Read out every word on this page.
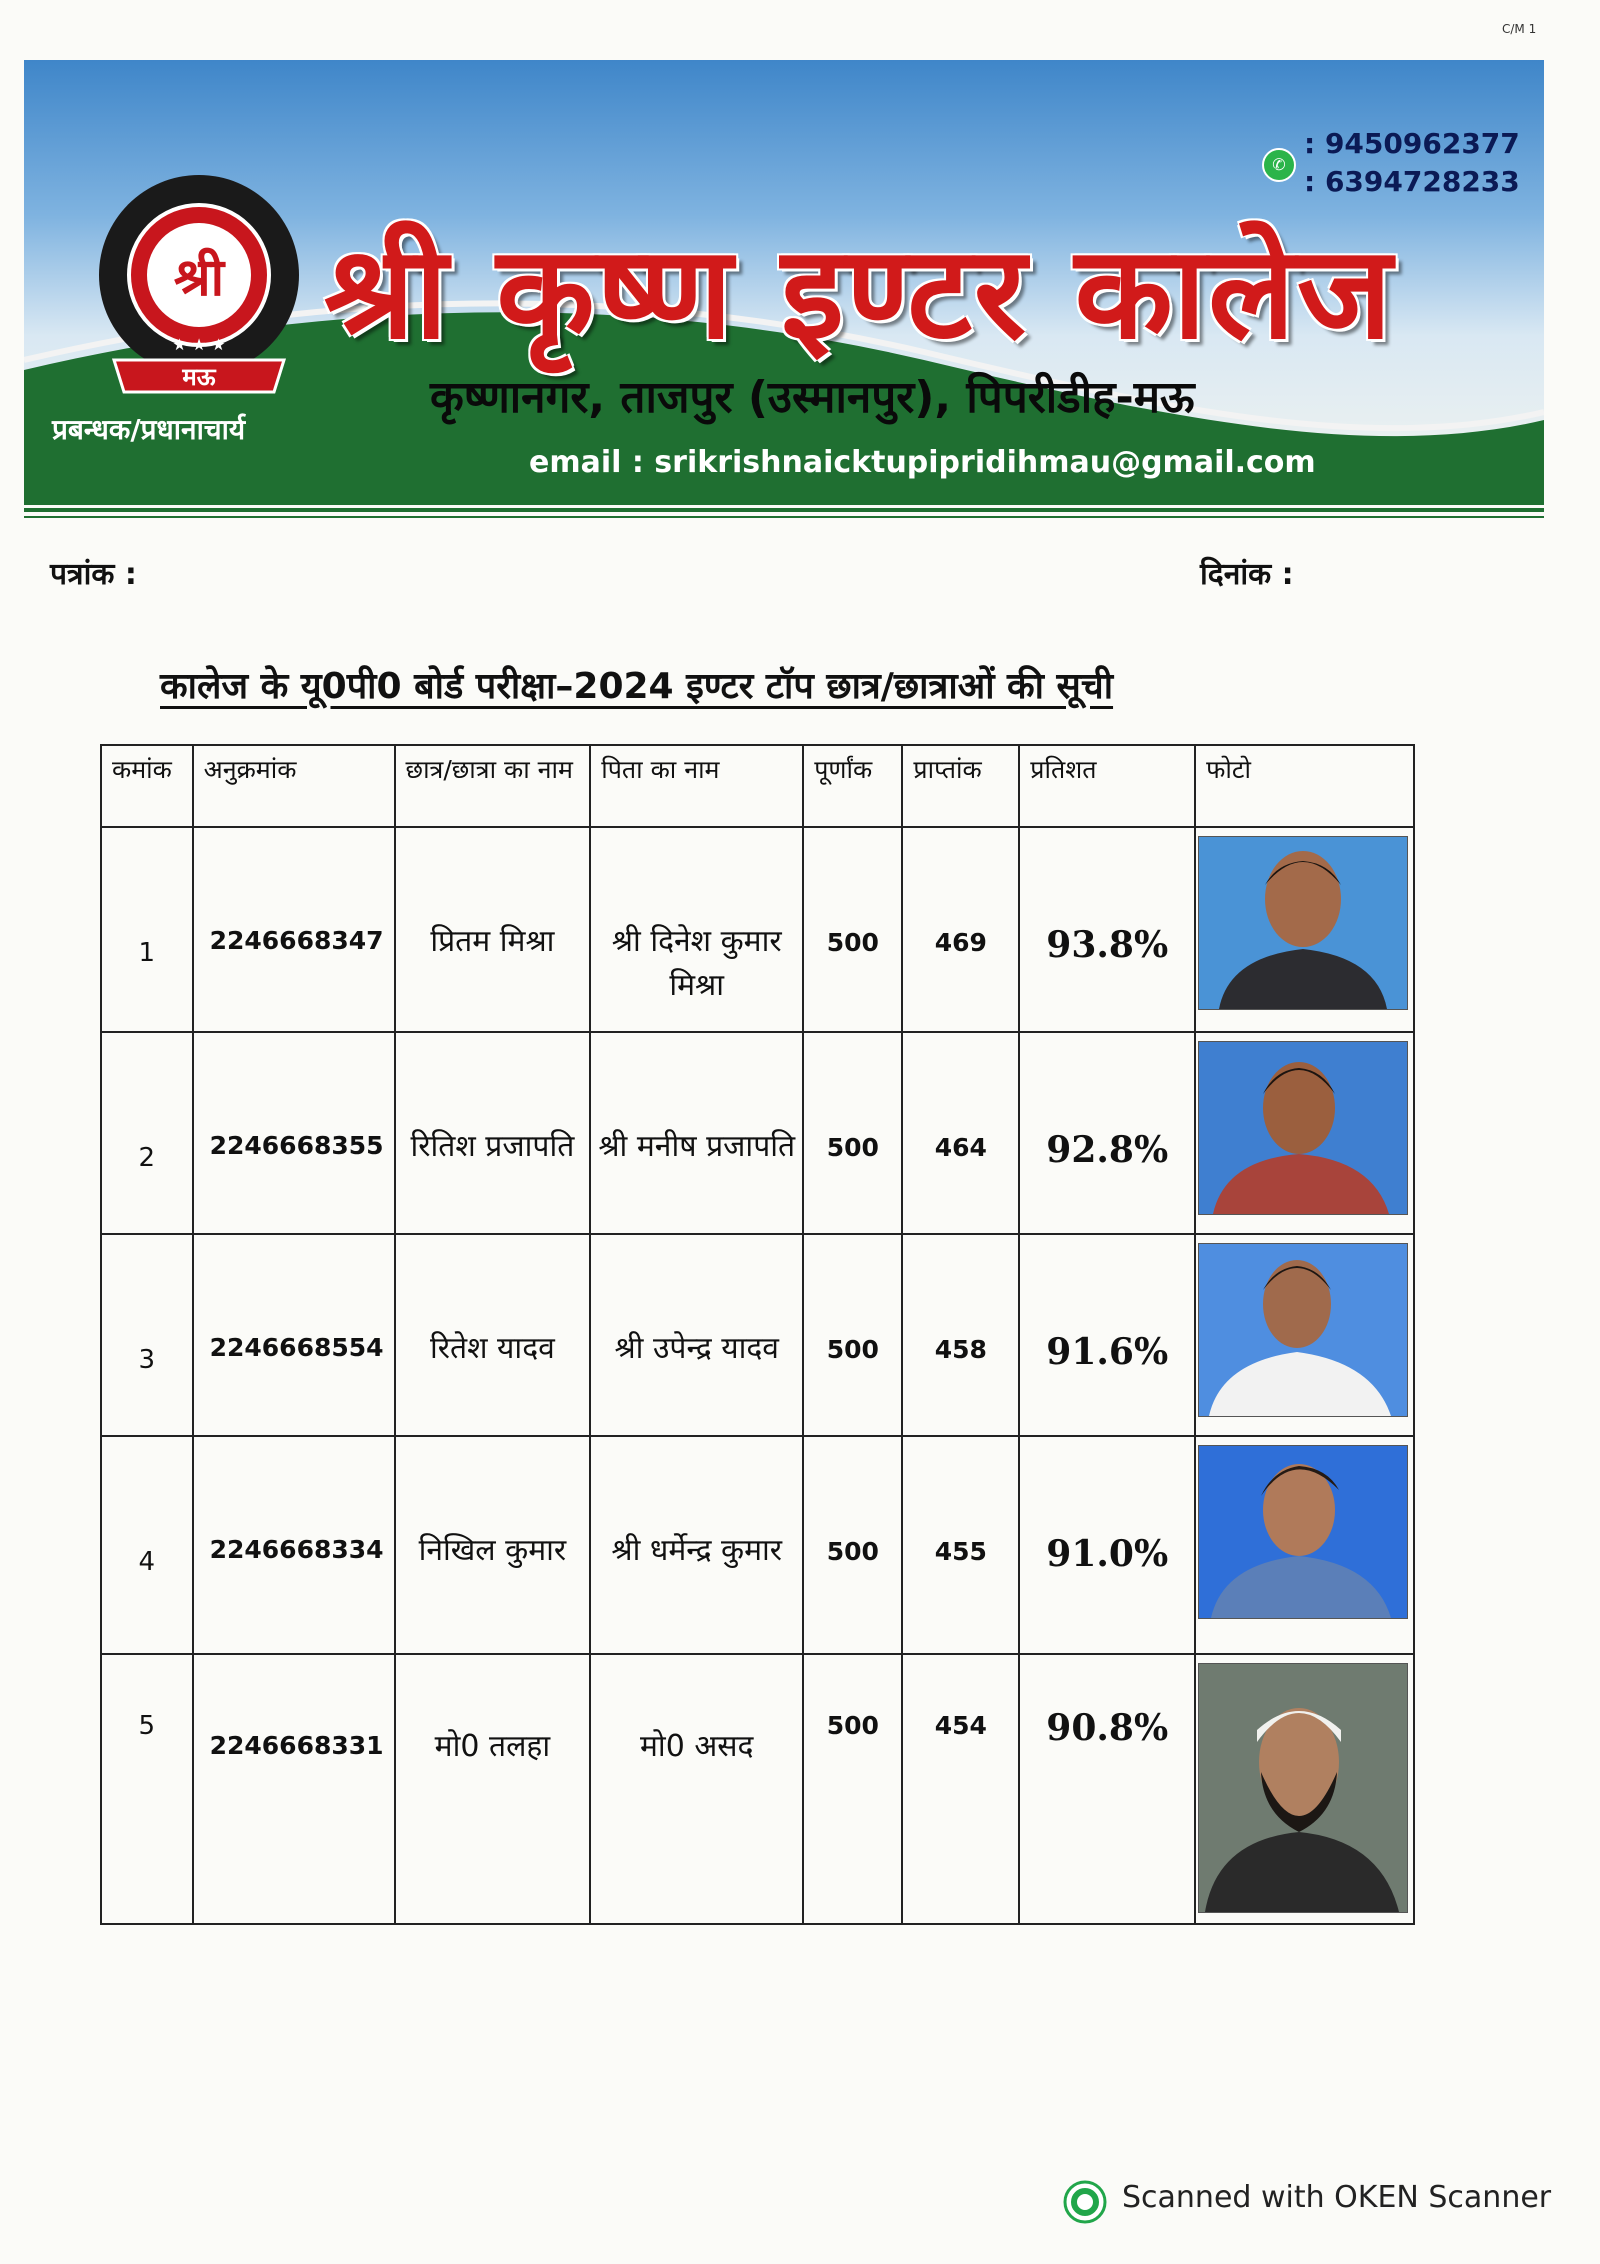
C/M 1
श्री
मऊ
★ ★ ★
✆
: 9450962377
: 6394728233
श्री कृष्ण इण्टर कालेज
कृष्णानगर, ताजपुर (उस्मानपुर), पिपरीडीह-मऊ
प्रबन्धक/प्रधानाचार्य
email : srikrishnaicktupipridihmau@gmail.com
पत्रांक :	दिनांक :
कालेज के यू0पी0 बोर्ड परीक्षा–2024 इण्टर टॉप छात्र/छात्राओं की सूची
कमांक	अनुक्रमांक	छात्र/छात्रा का नाम	पिता का नाम	पूर्णांक	प्राप्तांक	प्रतिशत	फोटो
1	2246668347	प्रितम मिश्रा	श्री दिनेश कुमार मिश्रा	500	469	93.8%	
2	2246668355	रितिश प्रजापति	श्री मनीष प्रजापति	500	464	92.8%	
3	2246668554	रितेश यादव	श्री उपेन्द्र यादव	500	458	91.6%	
4	2246668334	निखिल कुमार	श्री धर्मेन्द्र कुमार	500	455	91.0%	
5	2246668331	मो0 तलहा	मो0 असद	500	454	90.8%	
Scanned with OKEN Scanner
